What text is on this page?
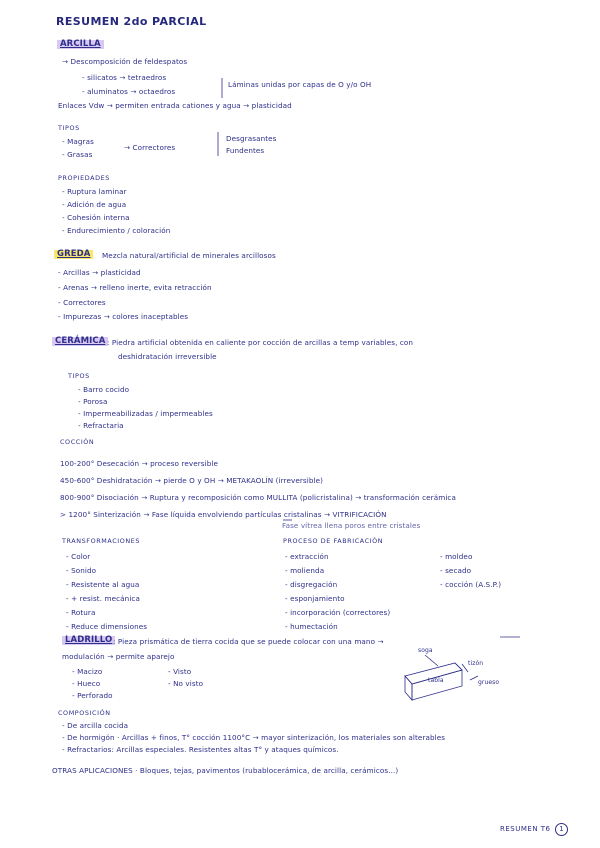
RESUMEN 2do PARCIAL
ARCILLA
→ Descomposición de feldespatos
- silicatos → tetraedros
- aluminatos → octaedros
Láminas unidas por capas de O y/o OH
Enlaces Vdw → permiten entrada cationes y agua → plasticidad
TIPOS
- Magras
- Grasas
→ Correctores
Desgrasantes
Fundentes
PROPIEDADES
- Ruptura laminar
- Adición de agua
- Cohesión interna
- Endurecimiento / coloración
GREDA	Mezcla natural/artificial de minerales arcillosos
- Arcillas → plasticidad
- Arenas → relleno inerte, evita retracción
- Correctores
- Impurezas → colores inaceptables
CERÁMICA : Piedra artificial obtenida en caliente por cocción de arcillas a temp variables, con
deshidratación irreversible
TIPOS
- Barro cocido
- Porosa
- Impermeabilizadas / impermeables
- Refractaria
COCCIÓN
100-200° Desecación → proceso reversible
450-600° Deshidratación → pierde O y OH → METAKAOLÍN (irreversible)
800-900° Disociación → Ruptura y recomposición como MULLITA (policristalina) → transformación cerámica
> 1200° Sinterización → Fase líquida envolviendo partículas cristalinas → VITRIFICACIÓN
Fase vítrea llena poros entre cristales
TRANSFORMACIONES
- Color
- Sonido
- Resistente al agua
- + resist. mecánica
- Rotura
- Reduce dimensiones
PROCESO DE FABRICACIÓN
- extracción
- molienda
- disgregación
- esponjamiento
- incorporación (correctores)
- humectación
- moldeo
- secado
- cocción (A.S.P.)
LADRILLO : Pieza prismática de tierra cocida que se puede colocar con una mano →
modulación → permite aparejo
- Macizo
- Hueco
- Perforado
- Visto
- No visto
soga
tizón
grueso
tabla
COMPOSICIÓN
- De arcilla cocida
- De hormigón · Arcillas + finos, T° cocción 1100°C → mayor sinterización, los materiales son alterables
- Refractarios: Arcillas especiales. Resistentes altas T° y ataques químicos.
OTRAS APLICACIONES · Bloques, tejas, pavimentos (rubablocerámica, de arcilla, cerámicos...)
RESUMEN T6 1
